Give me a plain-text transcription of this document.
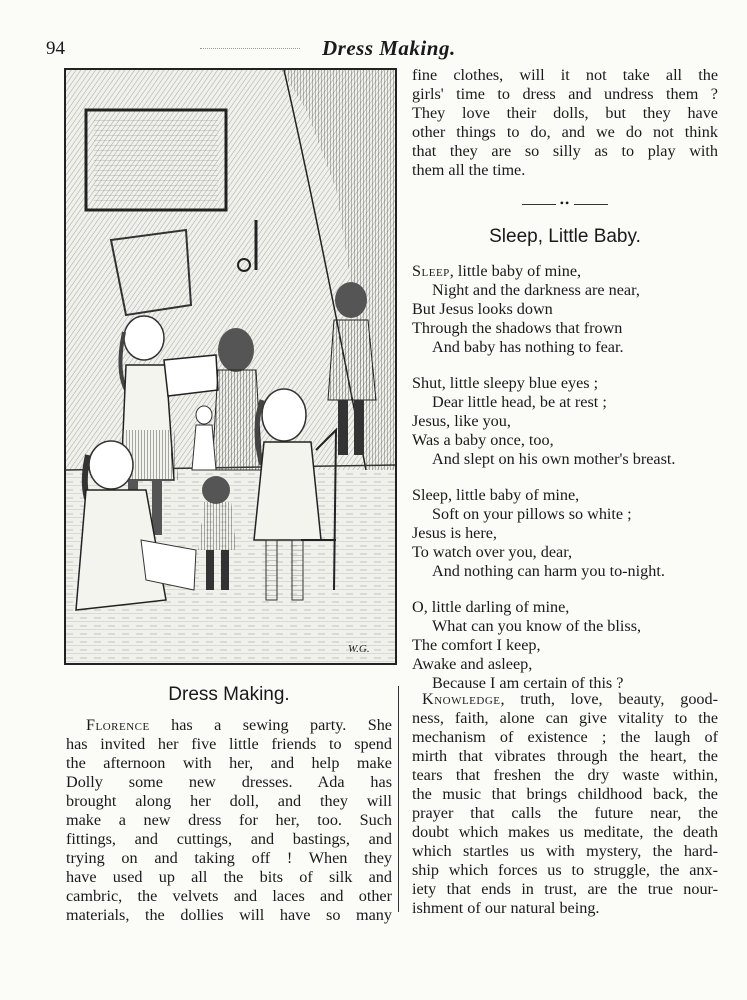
94	Dress Making.
W.G.
fine clothes, will it not take all the
girls' time to dress and undress them ?
They love their dolls, but they have
other things to do, and we do not think
that they are so silly as to play with
them all the time.
••
Sleep, Little Baby.
Sleep, little baby of mine,
Night and the darkness are near,
But Jesus looks down
Through the shadows that frown
And baby has nothing to fear.
Shut, little sleepy blue eyes ;
Dear little head, be at rest ;
Jesus, like you,
Was a baby once, too,
And slept on his own mother's breast.
Sleep, little baby of mine,
Soft on your pillows so white ;
Jesus is here,
To watch over you, dear,
And nothing can harm you to-night.
O, little darling of mine,
What can you know of the bliss,
The comfort I keep,
Awake and asleep,
Because I am certain of this ?
Dress Making.
Florence has a sewing party. She
has invited her five little friends to spend
the afternoon with her, and help make
Dolly some new dresses. Ada has
brought along her doll, and they will
make a new dress for her, too. Such
fittings, and cuttings, and bastings, and
trying on and taking off ! When they
have used up all the bits of silk and
cambric, the velvets and laces and other
materials, the dollies will have so many
Knowledge, truth, love, beauty, good-
ness, faith, alone can give vitality to the
mechanism of existence ; the laugh of
mirth that vibrates through the heart, the
tears that freshen the dry waste within,
the music that brings childhood back, the
prayer that calls the future near, the
doubt which makes us meditate, the death
which startles us with mystery, the hard-
ship which forces us to struggle, the anx-
iety that ends in trust, are the true nour-
ishment of our natural being.
